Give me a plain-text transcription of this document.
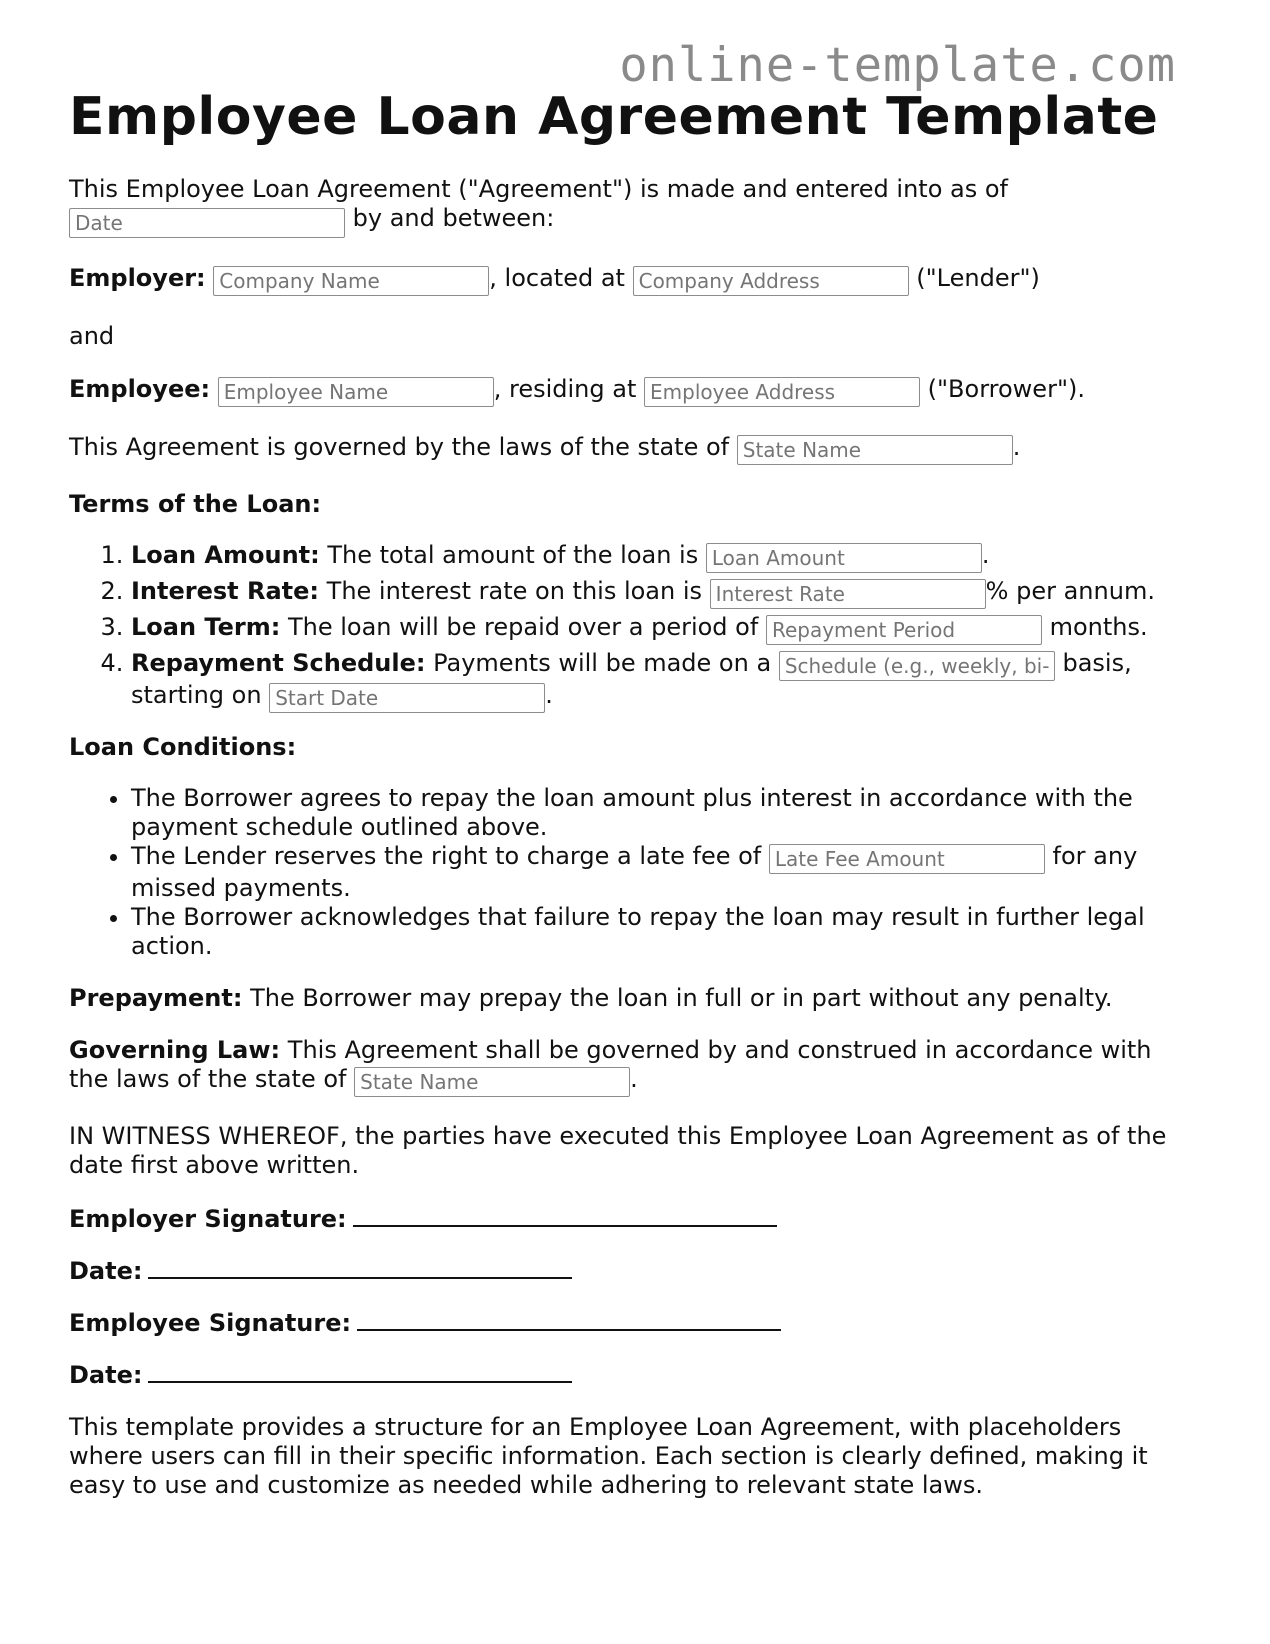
online-template.com
Employee Loan Agreement Template

This Employee Loan Agreement ("Agreement") is made and entered into as of
Date by and between:

Employer: Company Name	, located at Company Address	("Lender")

and

Employee: Employee Name	, residing at Employee Address	("Borrower").

This Agreement is governed by the laws of the state of State Name	.

Terms of the Loan:

1. Loan Amount: The total amount of the loan is Loan Amount	.
2. Interest Rate: The interest rate on this loan is Interest Rate	% per annum.
3. Loan Term: The loan will be repaid over a period of Repayment Period	months.
4. Repayment Schedule: Payments will be made on a Schedule (e.g., weekly, bi-	basis, starting on Start Date	.

Loan Conditions:

• The Borrower agrees to repay the loan amount plus interest in accordance with the payment schedule outlined above.
• The Lender reserves the right to charge a late fee of Late Fee Amount	for any missed payments.
• The Borrower acknowledges that failure to repay the loan may result in further legal action.

Prepayment: The Borrower may prepay the loan in full or in part without any penalty.

Governing Law: This Agreement shall be governed by and construed in accordance with the laws of the state of State Name	.

IN WITNESS WHEREOF, the parties have executed this Employee Loan Agreement as of the date first above written.

Employer Signature:

Date:

Employee Signature:

Date:

This template provides a structure for an Employee Loan Agreement, with placeholders where users can fill in their specific information. Each section is clearly defined, making it easy to use and customize as needed while adhering to relevant state laws.
